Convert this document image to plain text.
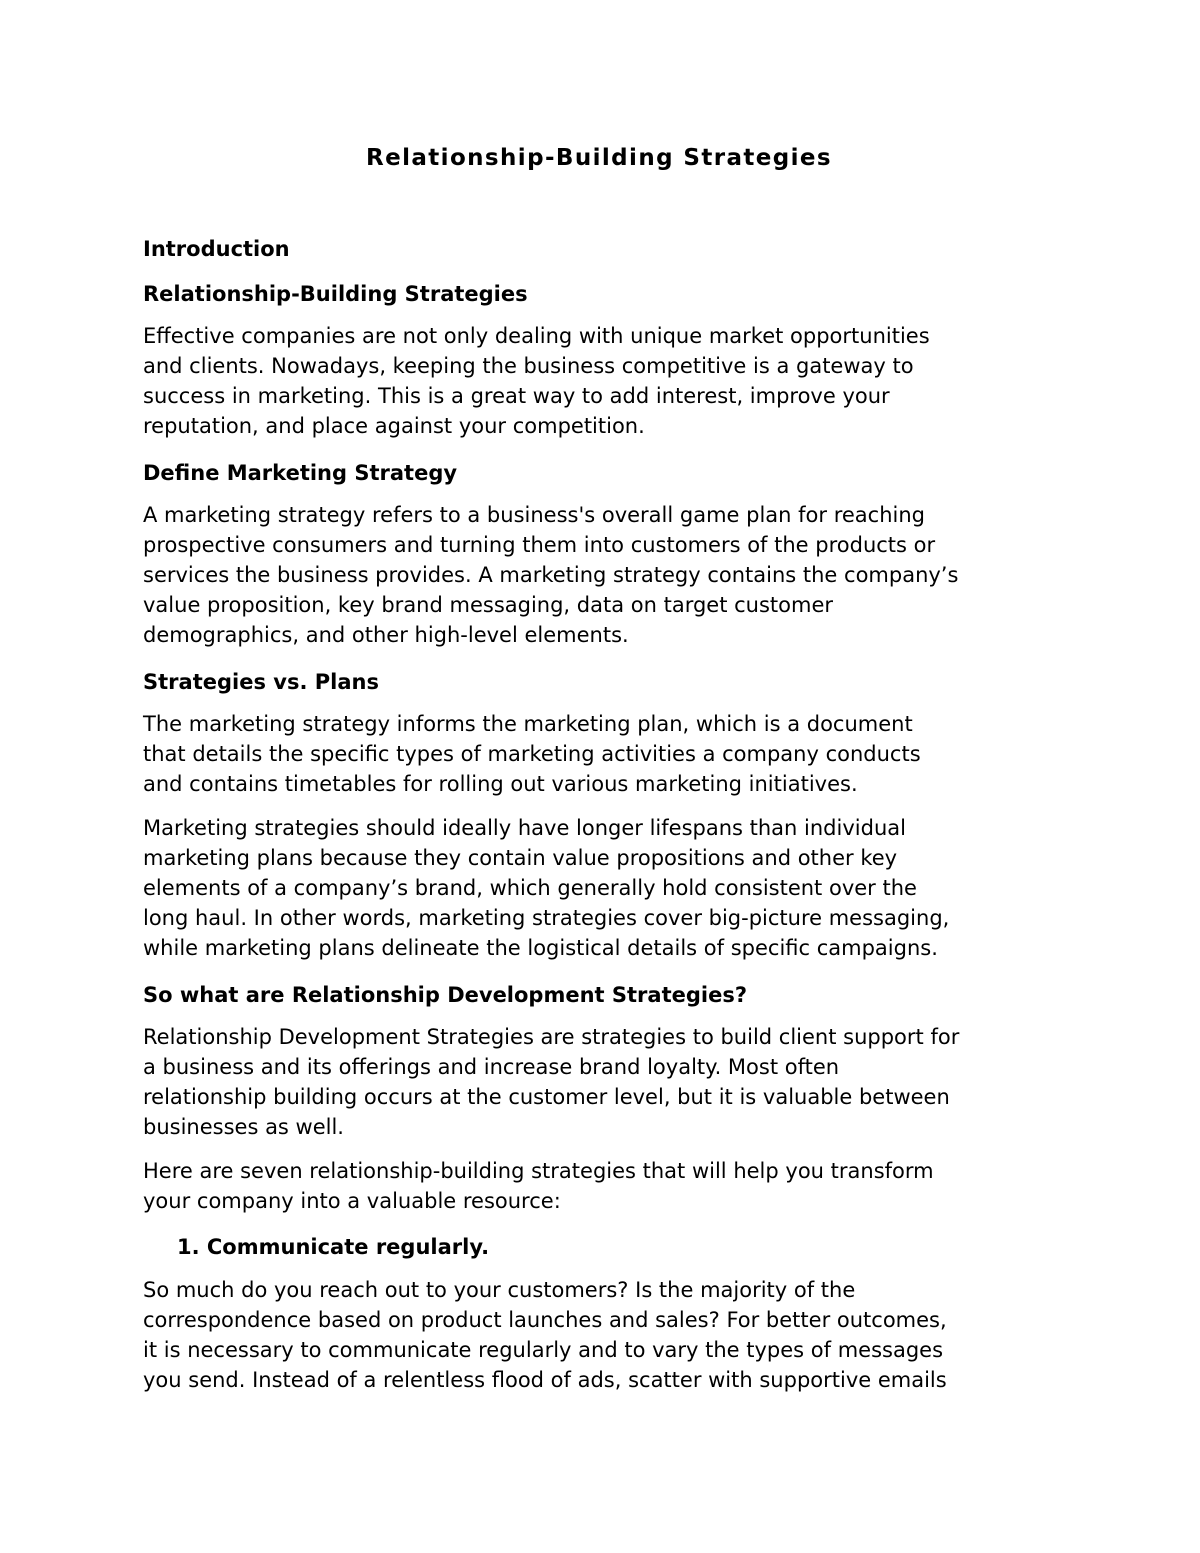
Relationship-Building Strategies
Introduction
Relationship-Building Strategies

Effective companies are not only dealing with unique market opportunities
and clients. Nowadays, keeping the business competitive is a gateway to
success in marketing. This is a great way to add interest, improve your
reputation, and place against your competition.

Define Marketing Strategy

A marketing strategy refers to a business's overall game plan for reaching
prospective consumers and turning them into customers of the products or
services the business provides. A marketing strategy contains the company’s
value proposition, key brand messaging, data on target customer
demographics, and other high-level elements.

Strategies vs. Plans

The marketing strategy informs the marketing plan, which is a document
that details the specific types of marketing activities a company conducts
and contains timetables for rolling out various marketing initiatives.

Marketing strategies should ideally have longer lifespans than individual
marketing plans because they contain value propositions and other key
elements of a company’s brand, which generally hold consistent over the
long haul. In other words, marketing strategies cover big-picture messaging,
while marketing plans delineate the logistical details of specific campaigns.

So what are Relationship Development Strategies?

Relationship Development Strategies are strategies to build client support for
a business and its offerings and increase brand loyalty. Most often
relationship building occurs at the customer level, but it is valuable between
businesses as well.

Here are seven relationship-building strategies that will help you transform
your company into a valuable resource:

1. Communicate regularly.

So much do you reach out to your customers? Is the majority of the
correspondence based on product launches and sales? For better outcomes,
it is necessary to communicate regularly and to vary the types of messages
you send. Instead of a relentless flood of ads, scatter with supportive emails
